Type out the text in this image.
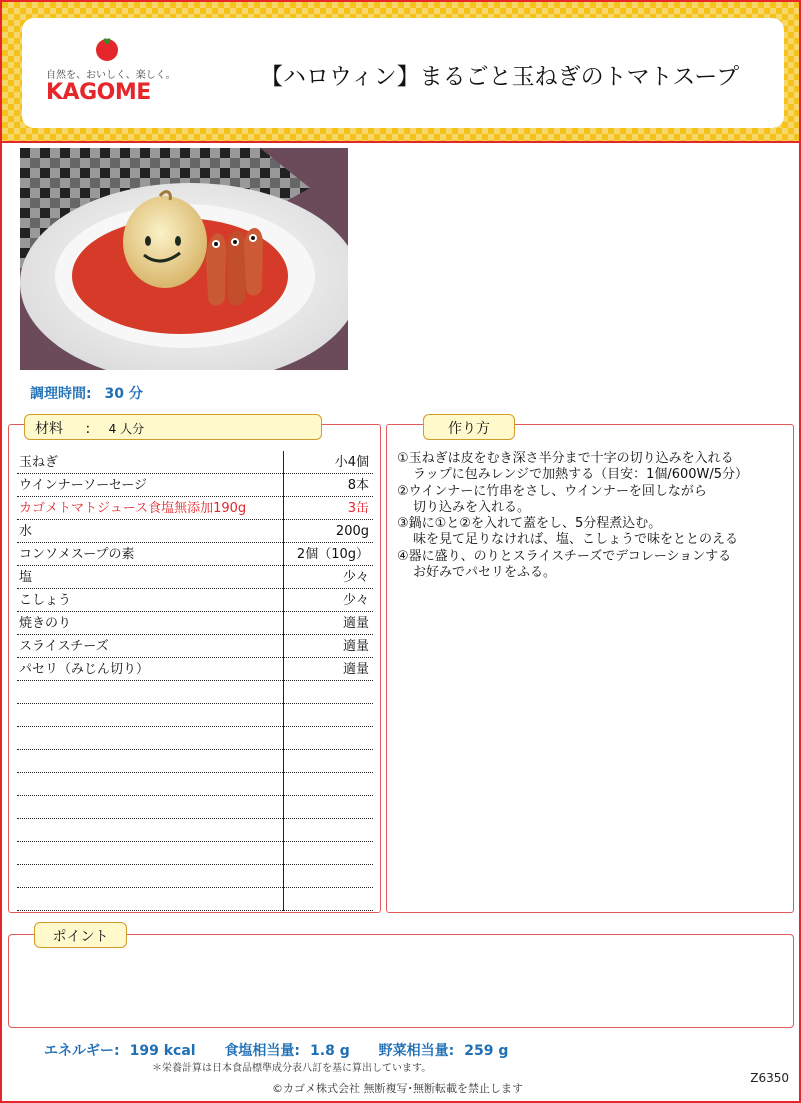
自然を、おいしく、楽しく。
KAGOME
【ハロウィン】まるごと玉ねぎのトマトスープ
調理時間: 30 分
材料 : 4 人分
玉ねぎ	小4個
ウインナーソーセージ	8本
カゴメトマトジュース食塩無添加190g	3缶
水	200g
コンソメスープの素	2個（10g）
塩	少々
こしょう	少々
焼きのり	適量
スライスチーズ	適量
パセリ（みじん切り）	適量
作り方
①玉ねぎは皮をむき深さ半分まで十字の切り込みを入れる
ラップに包みレンジで加熱する（目安：1個/600W/5分）
②ウインナーに竹串をさし、ウインナーを回しながら
切り込みを入れる。
③鍋に①と②を入れて蓋をし、5分程煮込む。
味を見て足りなければ、塩、こしょうで味をととのえる
④器に盛り、のりとスライスチーズでデコレーションする
お好みでパセリをふる。
ポイント
エネルギー: 199 kcal 食塩相当量: 1.8 g 野菜相当量: 259 g
＊栄養計算は日本食品標準成分表八訂を基に算出しています。
Z6350
©カゴメ株式会社 無断複写･無断転載を禁止します
